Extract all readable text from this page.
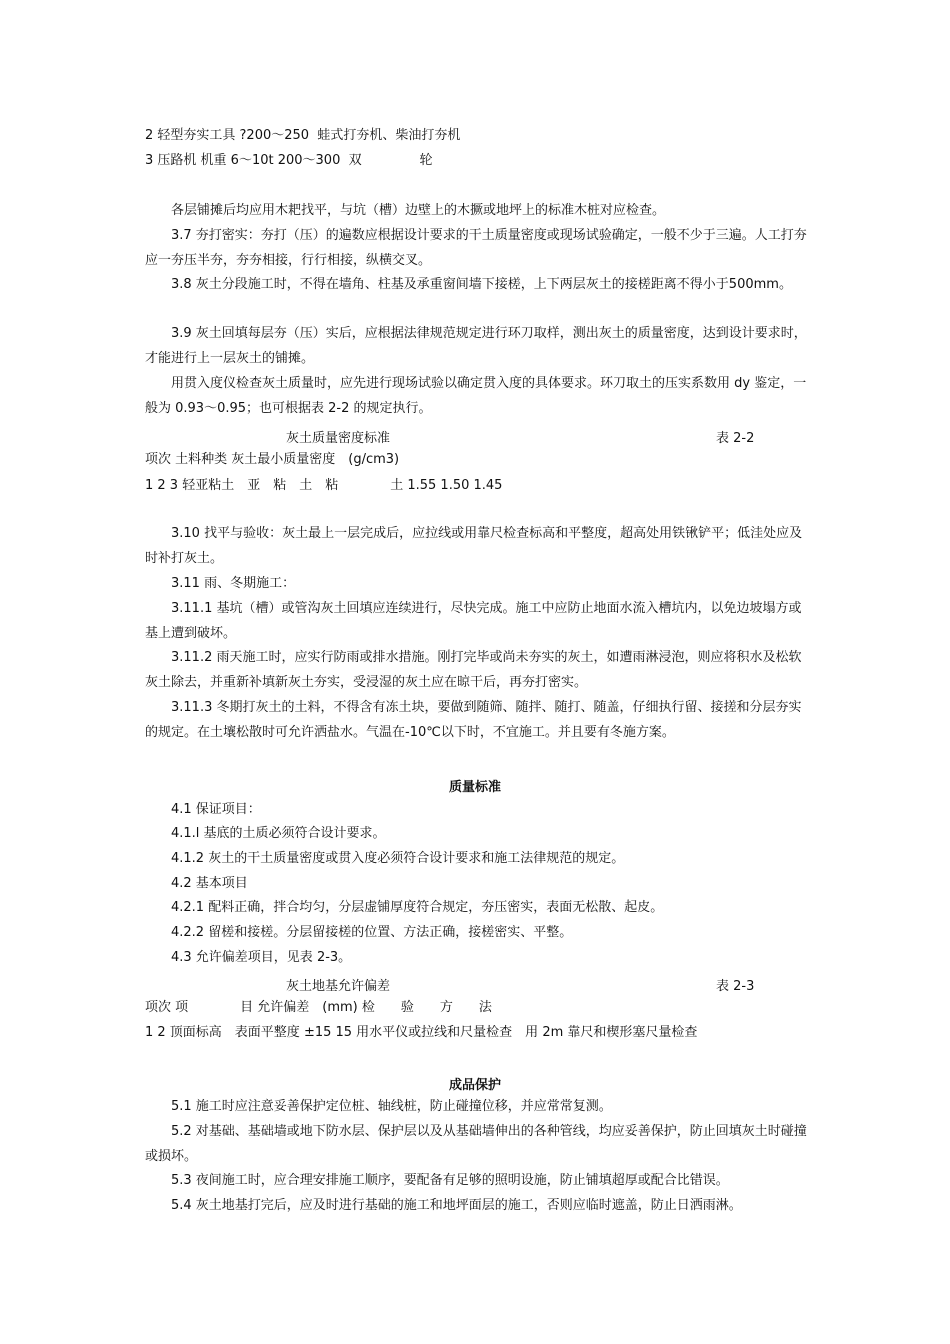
2 轻型夯实工具 ?200～250  蛙式打夯机、柴油打夯机
3 压路机 机重 6～10t 200～300  双              轮

　　各层铺摊后均应用木耙找平，与坑（槽）边壁上的木撅或地坪上的标准木桩对应检查。

　　3.7 夯打密实：夯打（压）的遍数应根据设计要求的干土质量密度或现场试验确定，一般不少于三遍。人工打夯应一夯压半夯，夯夯相接，行行相接，纵横交叉。

　　3.8 灰土分段施工时，不得在墙角、柱基及承重窗间墙下接槎，上下两层灰土的接槎距离不得小于500mm。

　　3.9 灰土回填每层夯（压）实后，应根据法律规范规定进行环刀取样，测出灰土的质量密度，达到设计要求时，才能进行上一层灰土的铺摊。

　　用贯入度仪检查灰土质量时，应先进行现场试验以确定贯入度的具体要求。环刀取土的压实系数用 dy 鉴定，一般为 0.93～0.95；也可根据表 2-2 的规定执行。

灰土质量密度标准	表 2-2
项次 土料种类 灰土最小质量密度　(g/cm3)
1 2 3 轻亚粘土　亚　粘　土　粘　　　　土 1.55 1.50 1.45

　　3.10 找平与验收：灰土最上一层完成后，应拉线或用靠尺检查标高和平整度，超高处用铁锹铲平；低洼处应及时补打灰土。

　　3.11 雨、冬期施工：

　　3.11.1 基坑（槽）或管沟灰土回填应连续进行，尽快完成。施工中应防止地面水流入槽坑内，以免边坡塌方或基上遭到破坏。

　　3.11.2 雨天施工时，应实行防雨或排水措施。刚打完毕或尚未夯实的灰土，如遭雨淋浸泡，则应将积水及松软灰土除去，并重新补填新灰土夯实，受浸湿的灰土应在晾干后，再夯打密实。

　　3.11.3 冬期打灰土的土料，不得含有冻土块，要做到随筛、随拌、随打、随盖，仔细执行留、接搓和分层夯实的规定。在土壤松散时可允许洒盐水。气温在-10℃以下时，不宜施工。并且要有冬施方案。

质量标准

　　4.1 保证项目：

　　4.1.l 基底的土质必须符合设计要求。

　　4.1.2 灰土的干土质量密度或贯入度必须符合设计要求和施工法律规范的规定。

　　4.2 基本项目

　　4.2.1 配料正确，拌合均匀，分层虚铺厚度符合规定，夯压密实，表面无松散、起皮。

　　4.2.2 留槎和接槎。分层留接槎的位置、方法正确，接槎密实、平整。

　　4.3 允许偏差项目，见表 2-3。

灰土地基允许偏差	表 2-3
项次 项　　　　目 允许偏差　(mm) 检　　验　　方　　法
1 2 顶面标高　表面平整度 ±15 15 用水平仪或拉线和尺量检查　用 2m 靠尺和楔形塞尺量检查
成品保护

　　5.1 施工时应注意妥善保护定位桩、轴线桩，防止碰撞位移，并应常常复测。

　　5.2 对基础、基础墙或地下防水层、保护层以及从基础墙伸出的各种管线，均应妥善保护，防止回填灰土时碰撞或损坏。

　　5.3 夜间施工时，应合理安排施工顺序，要配备有足够的照明设施，防止铺填超厚或配合比错误。

　　5.4 灰土地基打完后，应及时进行基础的施工和地坪面层的施工，否则应临时遮盖，防止日洒雨淋。
